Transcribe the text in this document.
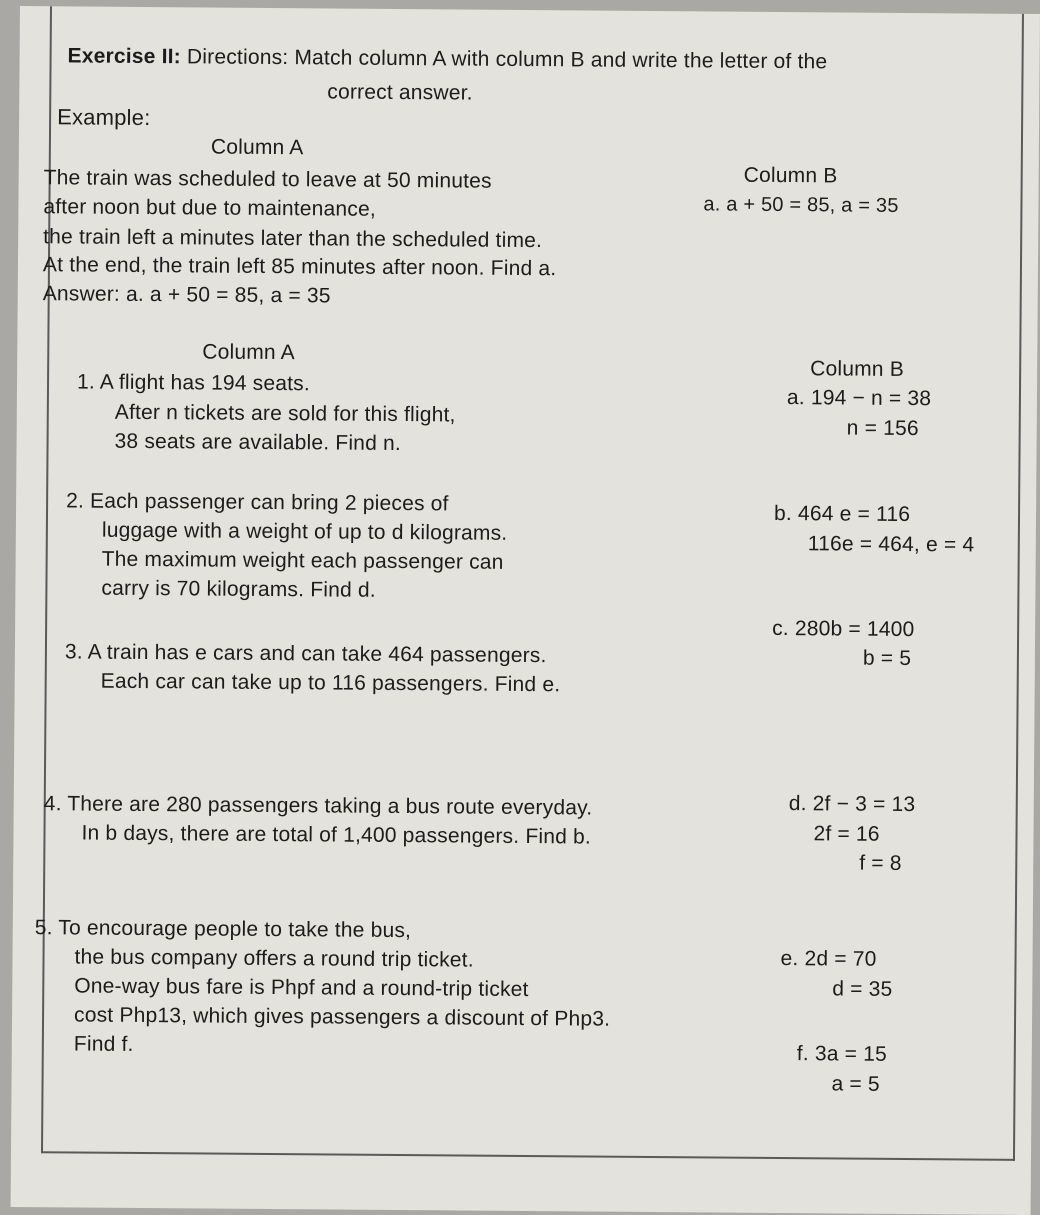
Exercise II: Directions: Match column A with column B and write the letter of the
correct answer.
Example:
Column A
Column B
The train was scheduled to leave at 50 minutes
after noon but due to maintenance,
the train left a minutes later than the scheduled time.
At the end, the train left 85 minutes after noon. Find a.
a. a + 50 = 85, a = 35
Answer: a. a + 50 = 85, a = 35
Column A
Column B
1. A flight has 194 seats.
After n tickets are sold for this flight,
38 seats are available. Find n.
2. Each passenger can bring 2 pieces of
luggage with a weight of up to d kilograms.
The maximum weight each passenger can
carry is 70 kilograms. Find d.
3. A train has e cars and can take 464 passengers.
Each car can take up to 116 passengers. Find e.
4. There are 280 passengers taking a bus route everyday.
In b days, there are total of 1,400 passengers. Find b.
5. To encourage people to take the bus,
the bus company offers a round trip ticket.
One-way bus fare is Phpf and a round-trip ticket
cost Php13, which gives passengers a discount of Php3.
Find f.
a. 194 − n = 38
n = 156
b. 464 e = 116
116e = 464, e = 4
c. 280b = 1400
b = 5
d. 2f − 3 = 13
2f = 16
f = 8
e. 2d = 70
d = 35
f. 3a = 15
a = 5
